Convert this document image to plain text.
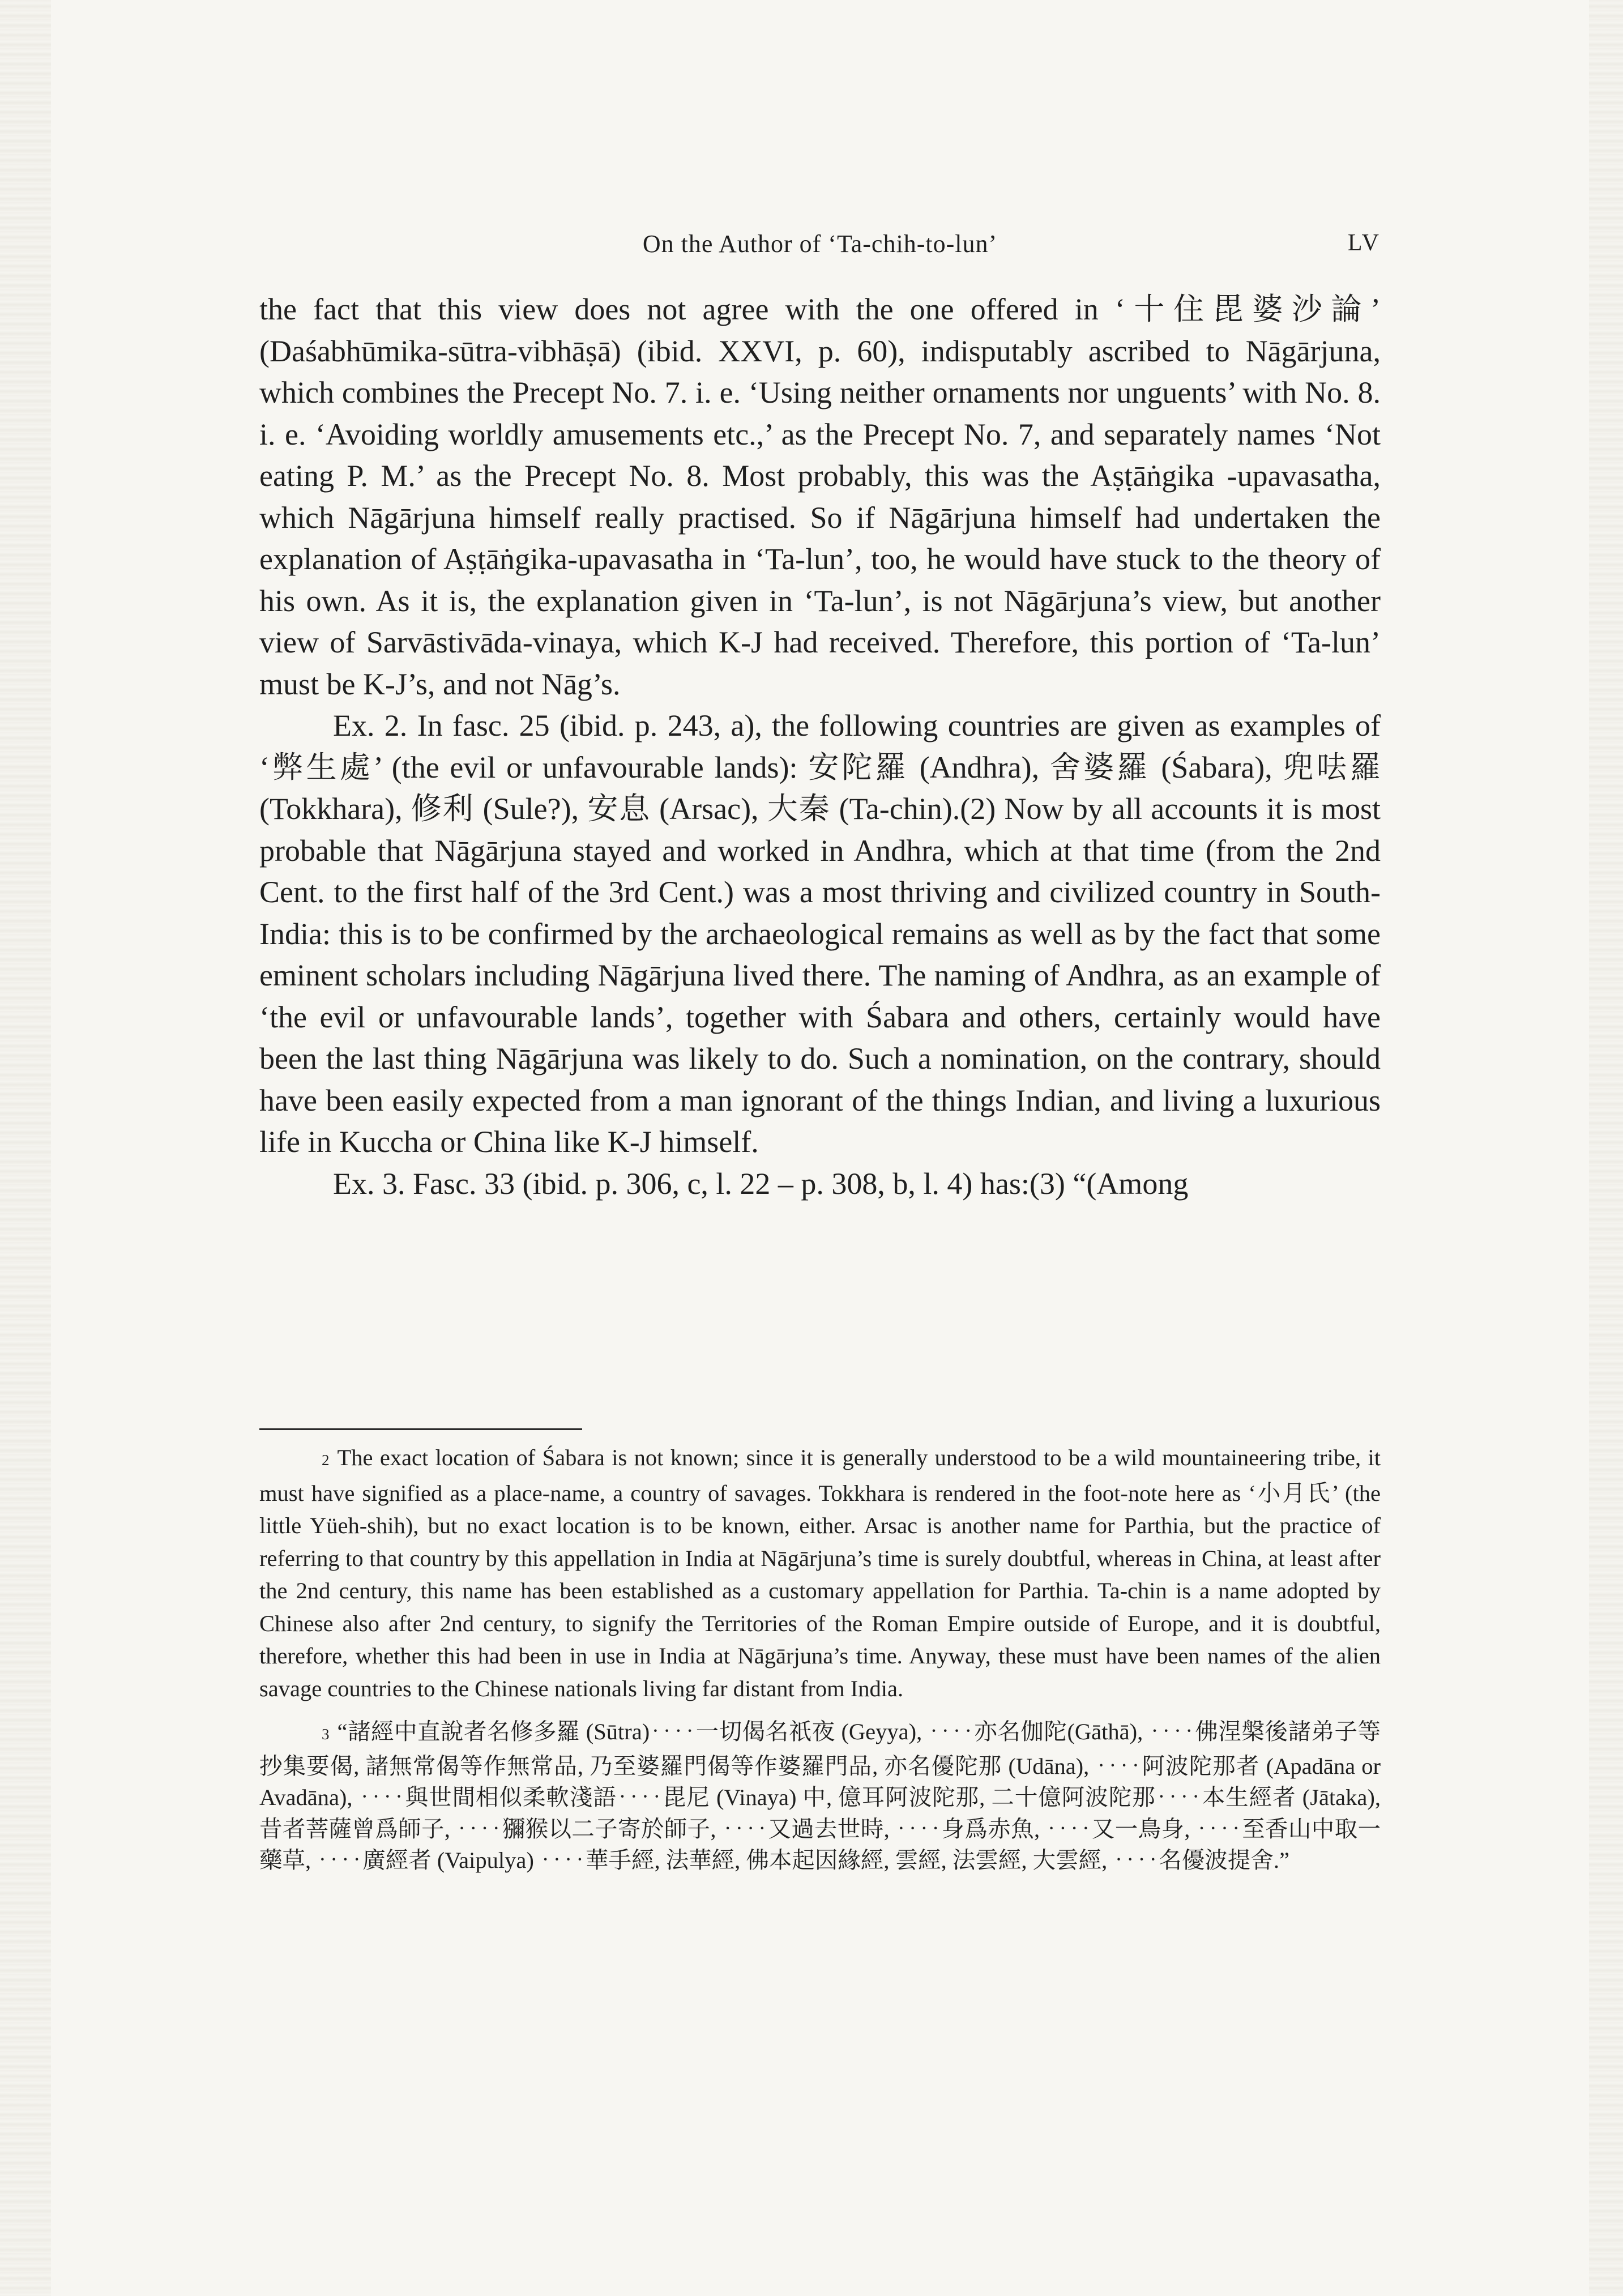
On the Author of ‘Ta-chih-to-lun’	LV

the fact that this view does not agree with the one offered in ‘十住毘婆沙論’ (Daśabhūmika-sūtra-vibhāṣā) (ibid. XXVI, p. 60), indisputably ascribed to Nāgārjuna, which combines the Precept No. 7. i. e. ‘Using neither ornaments nor unguents’ with No. 8. i. e. ‘Avoiding worldly amusements etc.,’ as the Precept No. 7, and separately names ‘Not eating P. M.’ as the Precept No. 8. Most probably, this was the Aṣṭāṅgika -upavasatha, which Nāgārjuna himself really practised. So if Nāgārjuna himself had undertaken the explanation of Aṣṭāṅgika-upavasatha in ‘Ta-lun’, too, he would have stuck to the theory of his own. As it is, the explanation given in ‘Ta-lun’, is not Nāgārjuna’s view, but another view of Sarvāstivāda-vinaya, which K-J had received. Therefore, this portion of ‘Ta-lun’ must be K-J’s, and not Nāg’s.

Ex. 2. In fasc. 25 (ibid. p. 243, a), the following countries are given as examples of ‘弊生處’ (the evil or unfavourable lands): 安陀羅 (Andhra), 舍婆羅 (Śabara), 兜呿羅 (Tokkhara), 修利 (Sule?), 安息 (Arsac), 大秦 (Ta-chin).(2) Now by all accounts it is most probable that Nāgārjuna stayed and worked in Andhra, which at that time (from the 2nd Cent. to the first half of the 3rd Cent.) was a most thriving and civilized country in South-India: this is to be confirmed by the archaeological remains as well as by the fact that some eminent scholars including Nāgārjuna lived there. The naming of Andhra, as an example of ‘the evil or unfavourable lands’, together with Śabara and others, certainly would have been the last thing Nāgārjuna was likely to do. Such a nomination, on the contrary, should have been easily expected from a man ignorant of the things Indian, and living a luxurious life in Kuccha or China like K-J himself.

Ex. 3. Fasc. 33 (ibid. p. 306, c, l. 22 – p. 308, b, l. 4) has:(3) “(Among

2 The exact location of Śabara is not known; since it is generally understood to be a wild mountaineering tribe, it must have signified as a place-name, a country of savages. Tokkhara is rendered in the foot-note here as ‘小月氏’ (the little Yüeh-shih), but no exact location is to be known, either. Arsac is another name for Parthia, but the practice of referring to that country by this appellation in India at Nāgārjuna’s time is surely doubtful, whereas in China, at least after the 2nd century, this name has been established as a customary appellation for Parthia. Ta-chin is a name adopted by Chinese also after 2nd century, to signify the Territories of the Roman Empire outside of Europe, and it is doubtful, therefore, whether this had been in use in India at Nāgārjuna’s time. Anyway, these must have been names of the alien savage countries to the Chinese nationals living far distant from India.

3 “諸經中直說者名修多羅 (Sūtra)‥‥一切偈名祇夜 (Geyya), ‥‥亦名伽陀(Gāthā), ‥‥佛涅槃後諸弟子等抄集要偈, 諸無常偈等作無常品, 乃至婆羅門偈等作婆羅門品, 亦名優陀那 (Udāna), ‥‥阿波陀那者 (Apadāna or Avadāna), ‥‥與世間相似柔軟淺語‥‥毘尼 (Vinaya) 中, 億耳阿波陀那, 二十億阿波陀那‥‥本生經者 (Jātaka), 昔者菩薩曾爲師子, ‥‥獼猴以二子寄於師子, ‥‥又過去世時, ‥‥身爲赤魚, ‥‥又一鳥身, ‥‥至香山中取一藥草, ‥‥廣經者 (Vaipulya) ‥‥華手經, 法華經, 佛本起因緣經, 雲經, 法雲經, 大雲經, ‥‥名優波提舍.”
